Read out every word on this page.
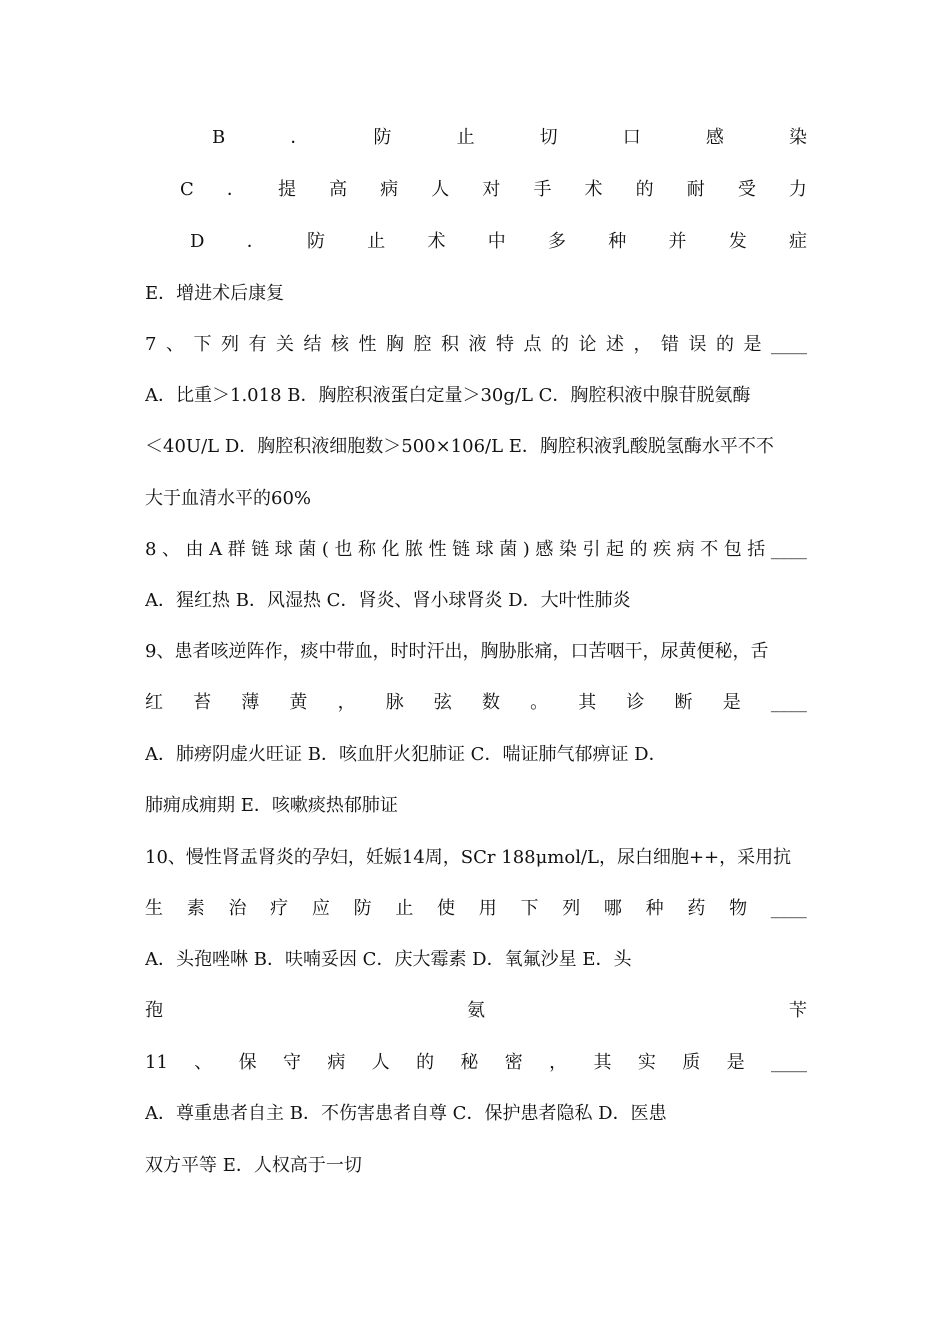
B	．	防	止	切	口	感	染
C ． 提 高 病 人 对 手 术 的 耐 受 力
D ． 防 止 术 中 多 种 并 发 症
E．增进术后康复
7 、 下 列 有 关 结 核 性 胸 腔 积 液 特 点 的 论 述 ， 错 误 的 是 ____
A．比重＞1.018 B．胸腔积液蛋白定量＞30g/L C．胸腔积液中腺苷脱氨酶
＜40U/L D．胸腔积液细胞数＞500×106/L E．胸腔积液乳酸脱氢酶水平不不
大于血清水平的60%
8 、 由 A 群 链 球 菌 ( 也 称 化 脓 性 链 球 菌 ) 感 染 引 起 的 疾 病 不 包 括 ____
A．猩红热 B．风湿热 C．肾炎、肾小球肾炎 D．大叶性肺炎
9、患者咳逆阵作，痰中带血，时时汗出，胸胁胀痛，口苦咽干，尿黄便秘，舌
红 苔 薄 黄 ， 脉 弦 数 。 其 诊 断 是 ____
A．肺痨阴虚火旺证 B．咳血肝火犯肺证 C．喘证肺气郁痹证 D．
肺痈成痈期 E．咳嗽痰热郁肺证
10、慢性肾盂肾炎的孕妇，妊娠14周，SCr 188μmol/L，尿白细胞++，采用抗
生 素 治 疗 应 防 止 使 用 下 列 哪 种 药 物 ____
A．头孢唑啉 B．呋喃妥因 C．庆大霉素 D．氧氟沙星 E．头
孢	氨	苄
11 、 保 守 病 人 的 秘 密 ， 其 实 质 是 ____
A．尊重患者自主 B．不伤害患者自尊 C．保护患者隐私 D．医患
双方平等 E．人权高于一切
